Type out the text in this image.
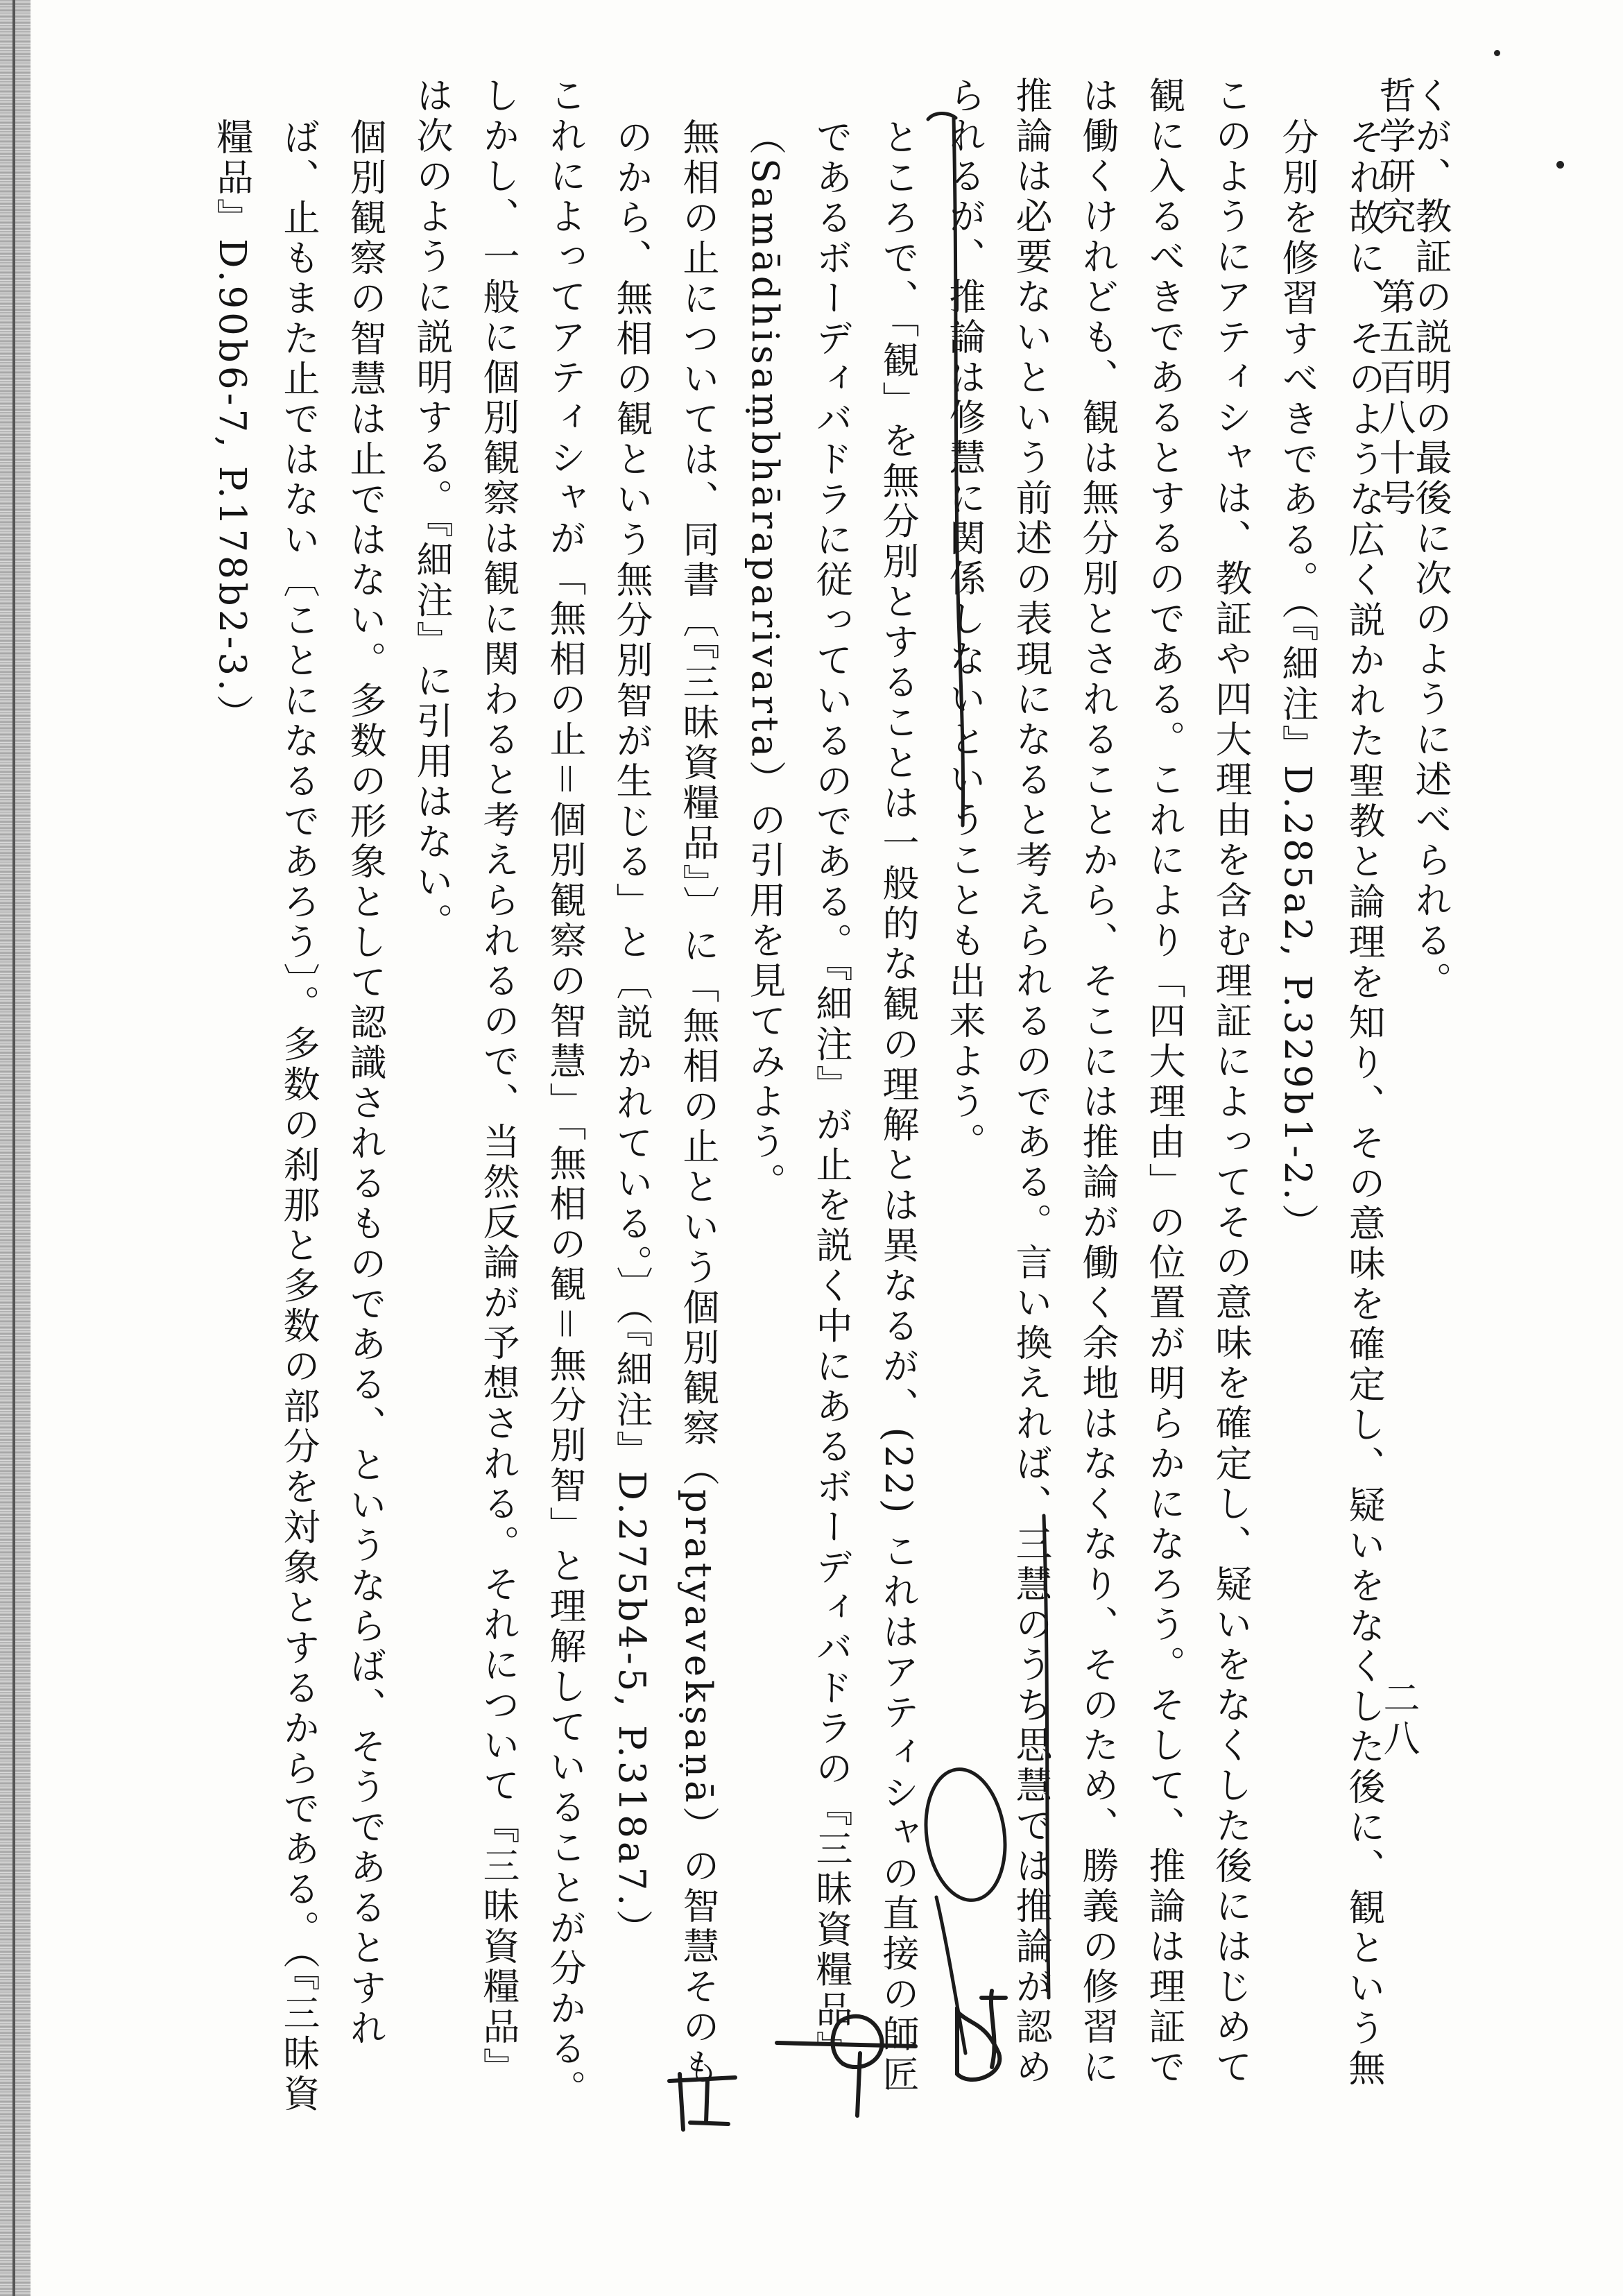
哲学研究　第五百八十号
二八

くが、教証の説明の最後に次のように述べられる。

それ故に、そのような広く説かれた聖教と論理を知り、その意味を確定し、疑いをなくした後に、観という無分別を修習すべきである。（『細注』D.285a2, P.329b1-2.）

このようにアティシャは、教証や四大理由を含む理証によってその意味を確定し、疑いをなくした後にはじめて観に入るべきであるとするのである。これにより「四大理由」の位置が明らかになろう。そして、推論は理証では働くけれども、観は無分別とされることから、そこには推論が働く余地はなくなり、そのため、勝義の修習に推論は必要ないという前述の表現になると考えられるのである。言い換えれば、三慧のうち思慧では推論が認められるが、推論は修慧に関係しないということも出来よう。

ところで、「観」を無分別とすることは一般的な観の理解とは異なるが、(22) これはアティシャの直接の師匠であるボーディバドラに従っているのである。『細注』が止を説く中にあるボーディバドラの『三昧資糧品』（Samādhisaṃbhāraparivarta）の引用を見てみよう。

無相の止については、同書〔『三昧資糧品』〕に「無相の止という個別観察（pratyavekṣaṇā）の智慧そのものから、無相の観という無分別智が生じる」と〔説かれている。〕（『細注』D.275b4-5, P.318a7.）

これによってアティシャが「無相の止＝個別観察の智慧」「無相の観＝無分別智」と理解していることが分かる。しかし、一般に個別観察は観に関わると考えられるので、当然反論が予想される。それについて『三昧資糧品』は次のように説明する。『細注』に引用はない。

個別観察の智慧は止ではない。多数の形象として認識されるものである、というならば、そうであるとすれば、止もまた止ではない〔ことになるであろう〕。多数の刹那と多数の部分を対象とするからである。（『三昧資糧品』D.90b6-7, P.178b2-3.）
